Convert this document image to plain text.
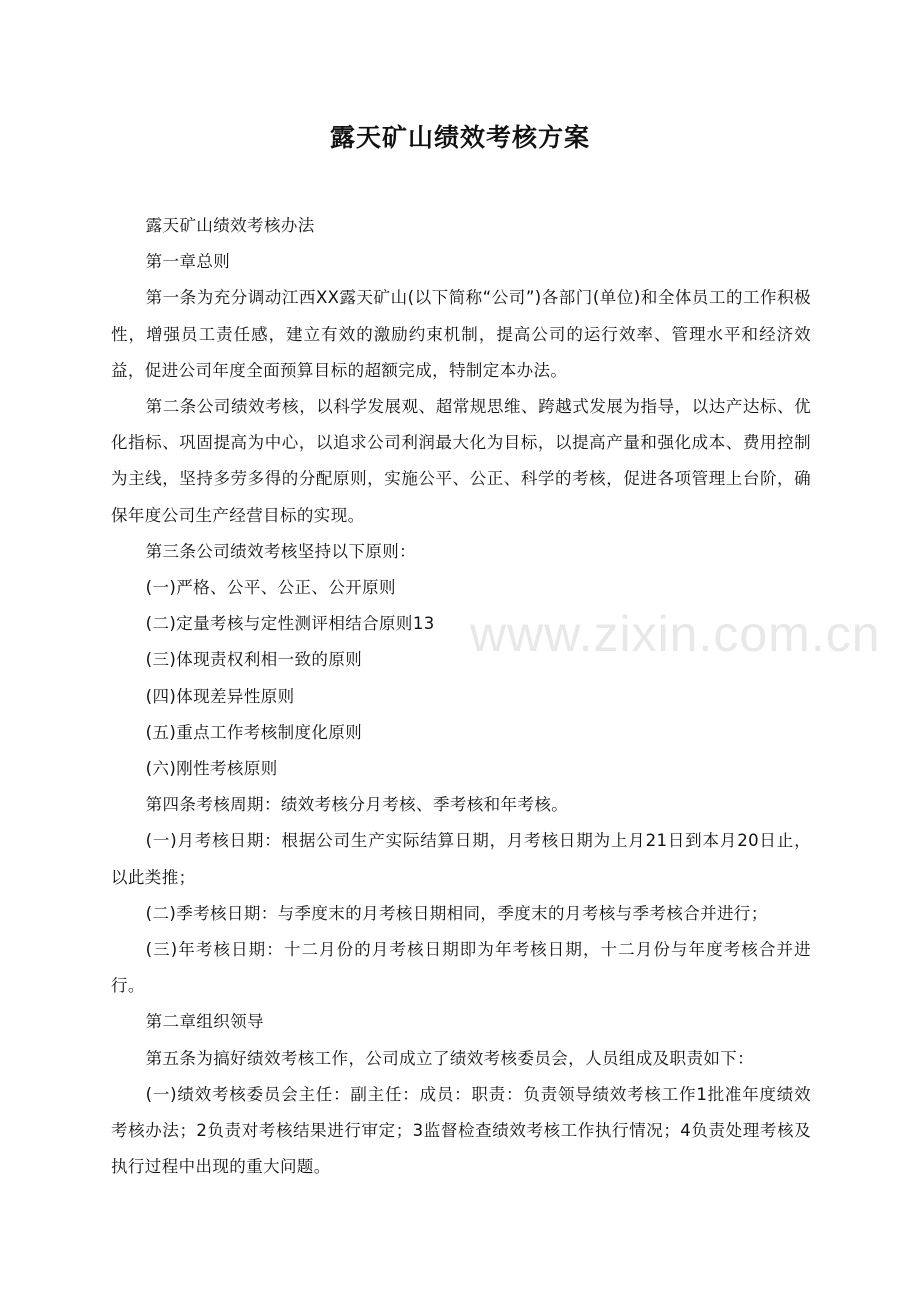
露天矿山绩效考核方案

露天矿山绩效考核办法

第一章总则

第一条为充分调动江西XX露天矿山(以下简称“公司”)各部门(单位)和全体员工的工作积极性，增强员工责任感，建立有效的激励约束机制，提高公司的运行效率、管理水平和经济效益，促进公司年度全面预算目标的超额完成，特制定本办法。

第二条公司绩效考核，以科学发展观、超常规思维、跨越式发展为指导，以达产达标、优化指标、巩固提高为中心，以追求公司利润最大化为目标，以提高产量和强化成本、费用控制为主线，坚持多劳多得的分配原则，实施公平、公正、科学的考核，促进各项管理上台阶，确保年度公司生产经营目标的实现。

第三条公司绩效考核坚持以下原则：

(一)严格、公平、公正、公开原则

(二)定量考核与定性测评相结合原则13

(三)体现责权利相一致的原则

(四)体现差异性原则

(五)重点工作考核制度化原则

(六)刚性考核原则

第四条考核周期：绩效考核分月考核、季考核和年考核。

(一)月考核日期：根据公司生产实际结算日期，月考核日期为上月21日到本月20日止，以此类推；

(二)季考核日期：与季度末的月考核日期相同，季度末的月考核与季考核合并进行；

(三)年考核日期：十二月份的月考核日期即为年考核日期，十二月份与年度考核合并进行。

第二章组织领导

第五条为搞好绩效考核工作，公司成立了绩效考核委员会，人员组成及职责如下：

(一)绩效考核委员会主任：副主任：成员：职责：负责领导绩效考核工作1批准年度绩效考核办法；2负责对考核结果进行审定；3监督检查绩效考核工作执行情况；4负责处理考核及执行过程中出现的重大问题。

www.zixin.com.cn
